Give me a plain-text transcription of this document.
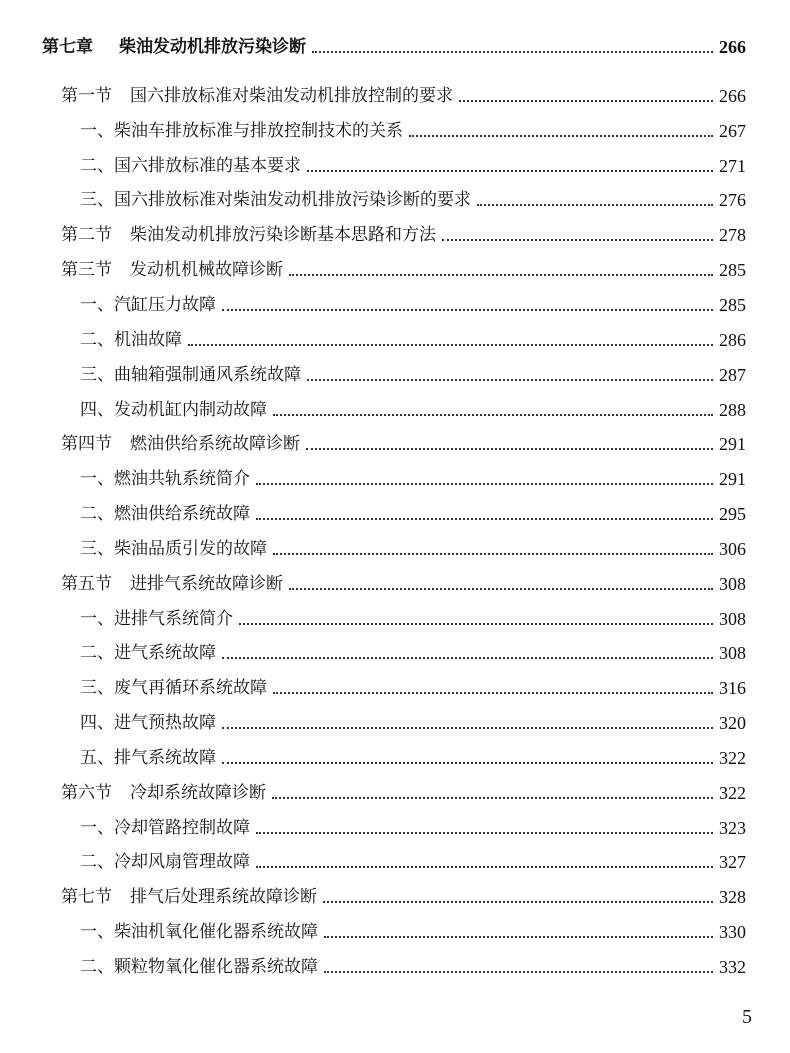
第七章 柴油发动机排放污染诊断	266
第一节 国六排放标准对柴油发动机排放控制的要求	266
一、柴油车排放标准与排放控制技术的关系	267
二、国六排放标准的基本要求	271
三、国六排放标准对柴油发动机排放污染诊断的要求	276
第二节 柴油发动机排放污染诊断基本思路和方法	278
第三节 发动机机械故障诊断	285
一、汽缸压力故障	285
二、机油故障	286
三、曲轴箱强制通风系统故障	287
四、发动机缸内制动故障	288
第四节 燃油供给系统故障诊断	291
一、燃油共轨系统简介	291
二、燃油供给系统故障	295
三、柴油品质引发的故障	306
第五节 进排气系统故障诊断	308
一、进排气系统简介	308
二、进气系统故障	308
三、废气再循环系统故障	316
四、进气预热故障	320
五、排气系统故障	322
第六节 冷却系统故障诊断	322
一、冷却管路控制故障	323
二、冷却风扇管理故障	327
第七节 排气后处理系统故障诊断	328
一、柴油机氧化催化器系统故障	330
二、颗粒物氧化催化器系统故障	332
5
